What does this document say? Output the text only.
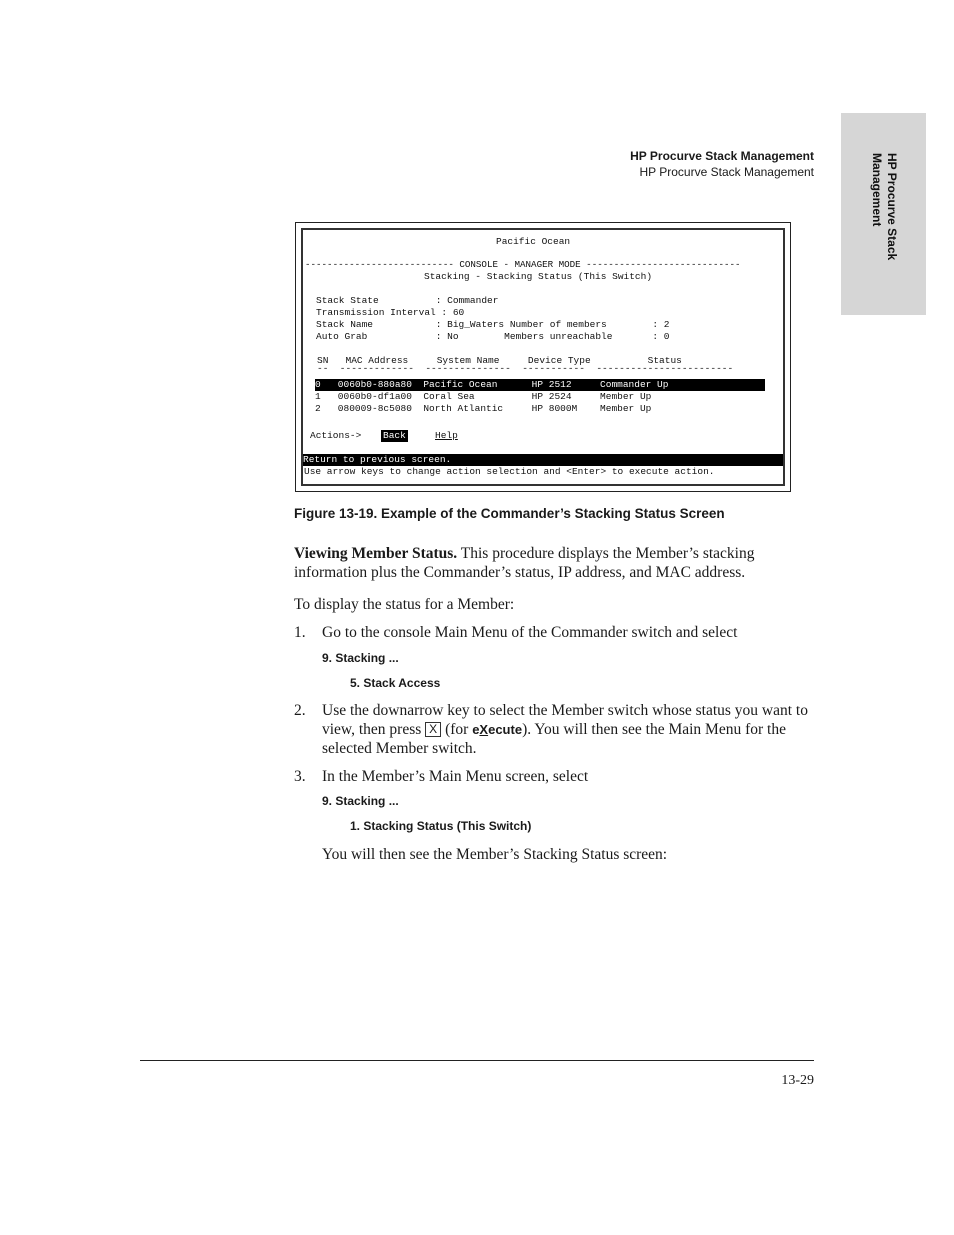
HP Procurve Stack
Management
HP Procurve Stack Management
HP Procurve Stack Management

Pacific Ocean

--------------------------- CONSOLE - MANAGER MODE ----------------------------

Stacking - Stacking Status (This Switch)

Stack State          : Commander

Transmission Interval : 60

Stack Name           : Big_Waters Number of members        : 2

Auto Grab            : No        Members unreachable       : 0

SN   MAC Address     System Name     Device Type          Status

--  -------------  ---------------  -----------  ------------------------

0   0060b0-880a80  Pacific Ocean      HP 2512     Commander Up

1   0060b0-df1a00  Coral Sea          HP 2524     Member Up

2   080009-8c5080  North Atlantic     HP 8000M    Member Up

Actions->

Back

	Help

Return to previous screen.

Use arrow keys to change action selection and <Enter> to execute action.

Figure 13-19. Example of the Commander’s Stacking Status Screen
Viewing Member Status. This procedure displays the Member’s stacking information plus the Commander’s status, IP address, and MAC address.
To display the status for a Member:
1. Go to the console Main Menu of the Commander switch and select
9. Stacking ...
5. Stack Access
2. Use the downarrow key to select the Member switch whose status you want to view, then press X (for eXecute). You will then see the Main Menu for the selected Member switch.
3. In the Member’s Main Menu screen, select
9. Stacking ...
1. Stacking Status (This Switch)
You will then see the Member’s Stacking Status screen:
13-29
